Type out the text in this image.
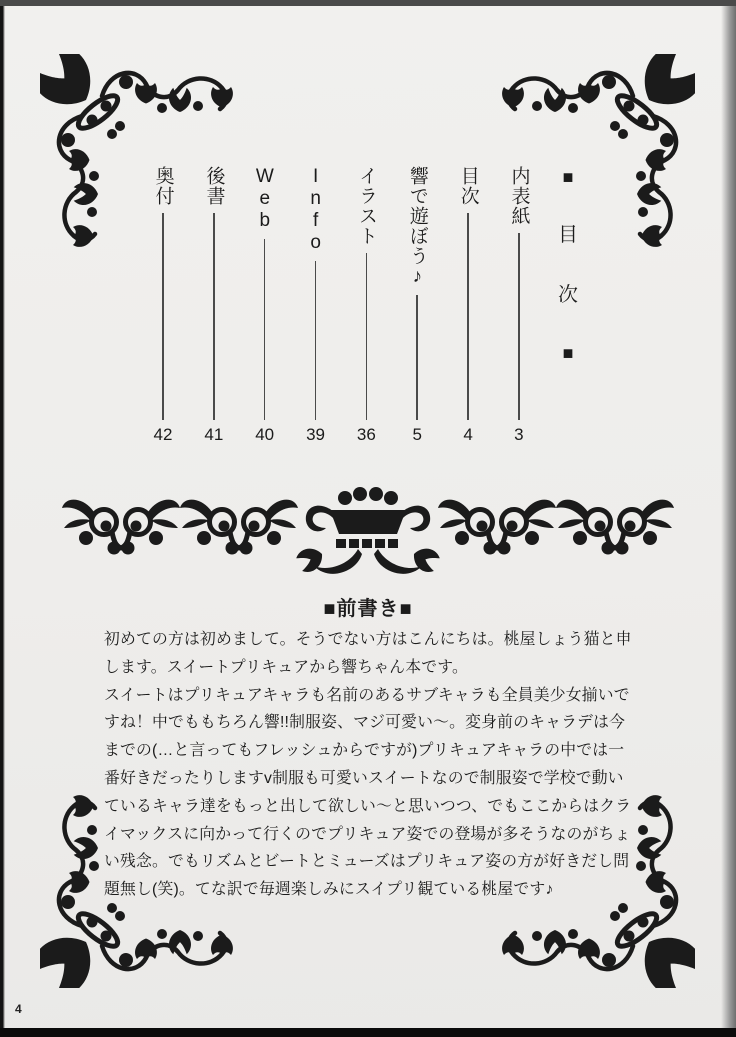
■
目
次
■
内表紙
3
目次
4
響で遊ぼう♪
5
イラスト
36
Info
39
Web
40
後書
41
奥付
42
■前書き■
初めての方は初めまして。そうでない方はこんにちは。桃屋しょう猫と申
します。スイートプリキュアから響ちゃん本です。
スイートはプリキュアキャラも名前のあるサブキャラも全員美少女揃いで
すね！中でももちろん響!!制服姿、マジ可愛い～。変身前のキャラデは今
までの(…と言ってもフレッシュからですが)プリキュアキャラの中では一
番好きだったりしますv制服も可愛いスイートなので制服姿で学校で動い
ているキャラ達をもっと出して欲しい～と思いつつ、でもここからはクラ
イマックスに向かって行くのでプリキュア姿での登場が多そうなのがちょ
い残念。でもリズムとビートとミューズはプリキュア姿の方が好きだし問
題無し(笑)。てな訳で毎週楽しみにスイプリ観ている桃屋です♪
4
